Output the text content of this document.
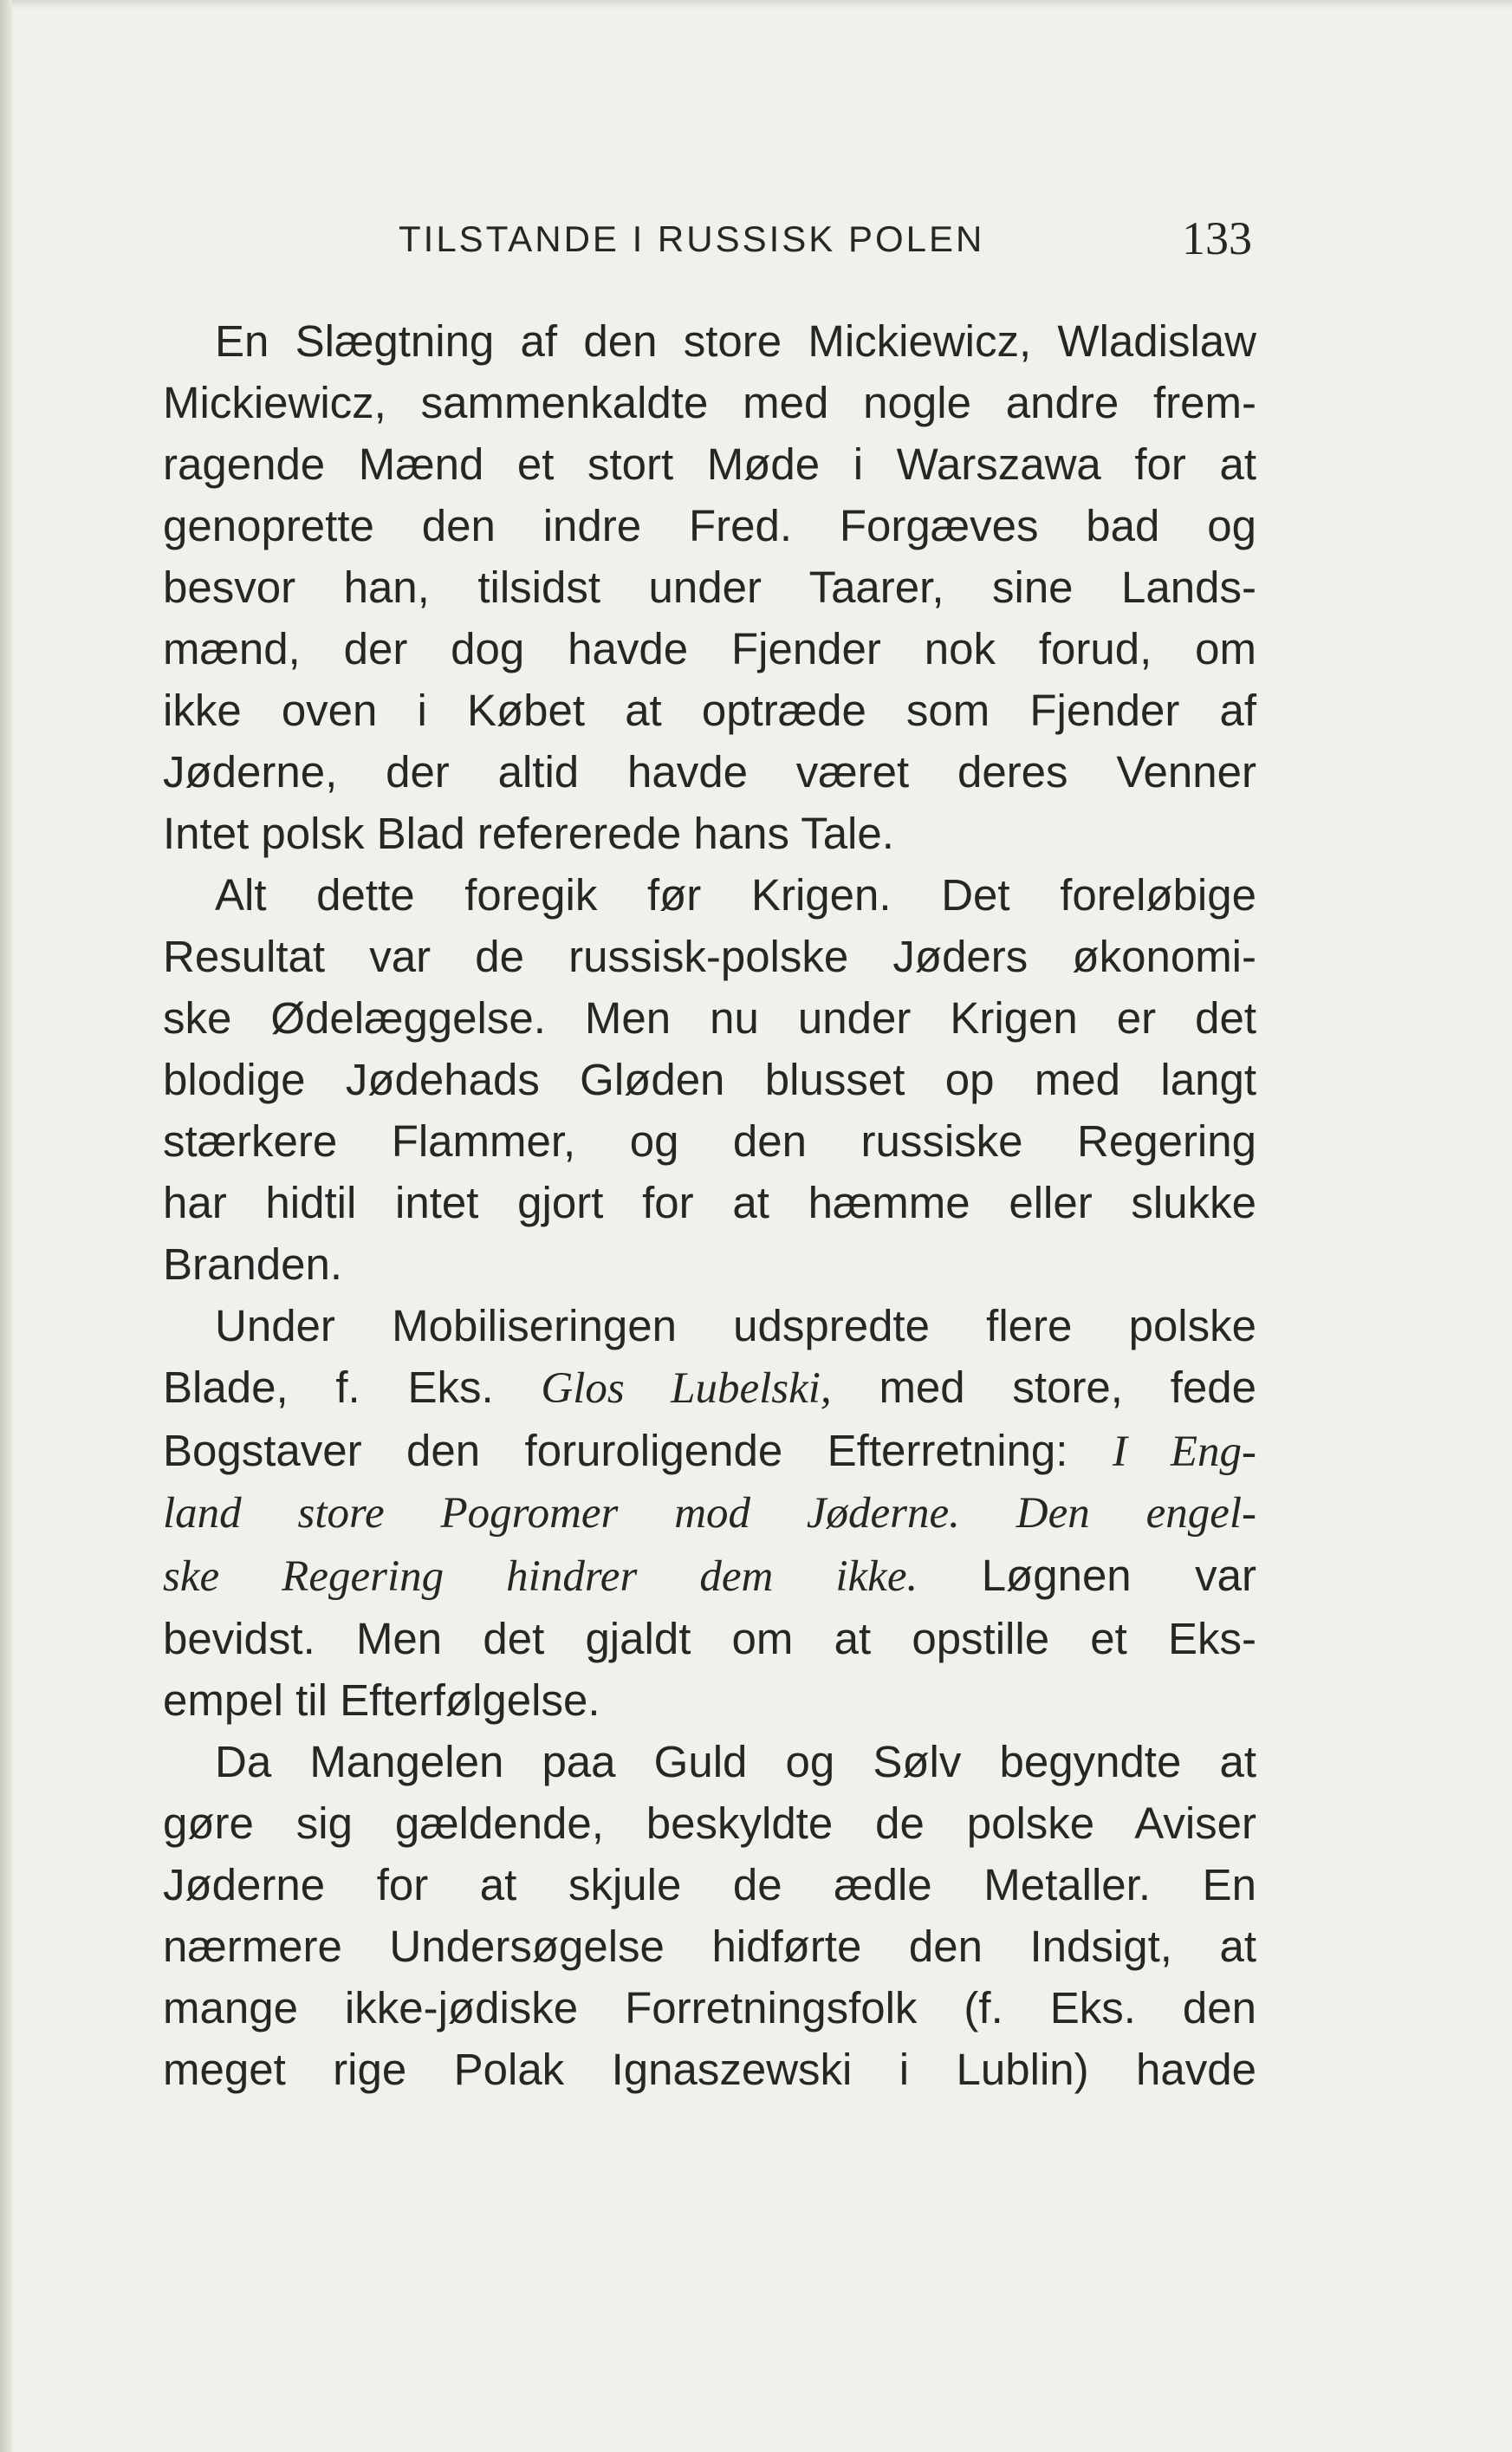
TILSTANDE I RUSSISK POLEN	133
En Slægtning af den store Mickiewicz, Wladislaw
Mickiewicz, sammenkaldte med nogle andre frem-
ragende Mænd et stort Møde i Warszawa for at
genoprette den indre Fred. Forgæves bad og
besvor han, tilsidst under Taarer, sine Lands-
mænd, der dog havde Fjender nok forud, om
ikke oven i Købet at optræde som Fjender af
Jøderne, der altid havde været deres Venner
Intet polsk Blad refererede hans Tale.
Alt dette foregik før Krigen. Det foreløbige
Resultat var de russisk-polske Jøders økonomi-
ske Ødelæggelse. Men nu under Krigen er det
blodige Jødehads Gløden blusset op med langt
stærkere Flammer, og den russiske Regering
har hidtil intet gjort for at hæmme eller slukke
Branden.
Under Mobiliseringen udspredte flere polske
Blade, f. Eks. Glos Lubelski, med store, fede
Bogstaver den foruroligende Efterretning: I Eng-
land store Pogromer mod Jøderne. Den engel-
ske Regering hindrer dem ikke. Løgnen var
bevidst. Men det gjaldt om at opstille et Eks-
empel til Efterfølgelse.
Da Mangelen paa Guld og Sølv begyndte at
gøre sig gældende, beskyldte de polske Aviser
Jøderne for at skjule de ædle Metaller. En
nærmere Undersøgelse hidførte den Indsigt, at
mange ikke-jødiske Forretningsfolk (f. Eks. den
meget rige Polak Ignaszewski i Lublin) havde
